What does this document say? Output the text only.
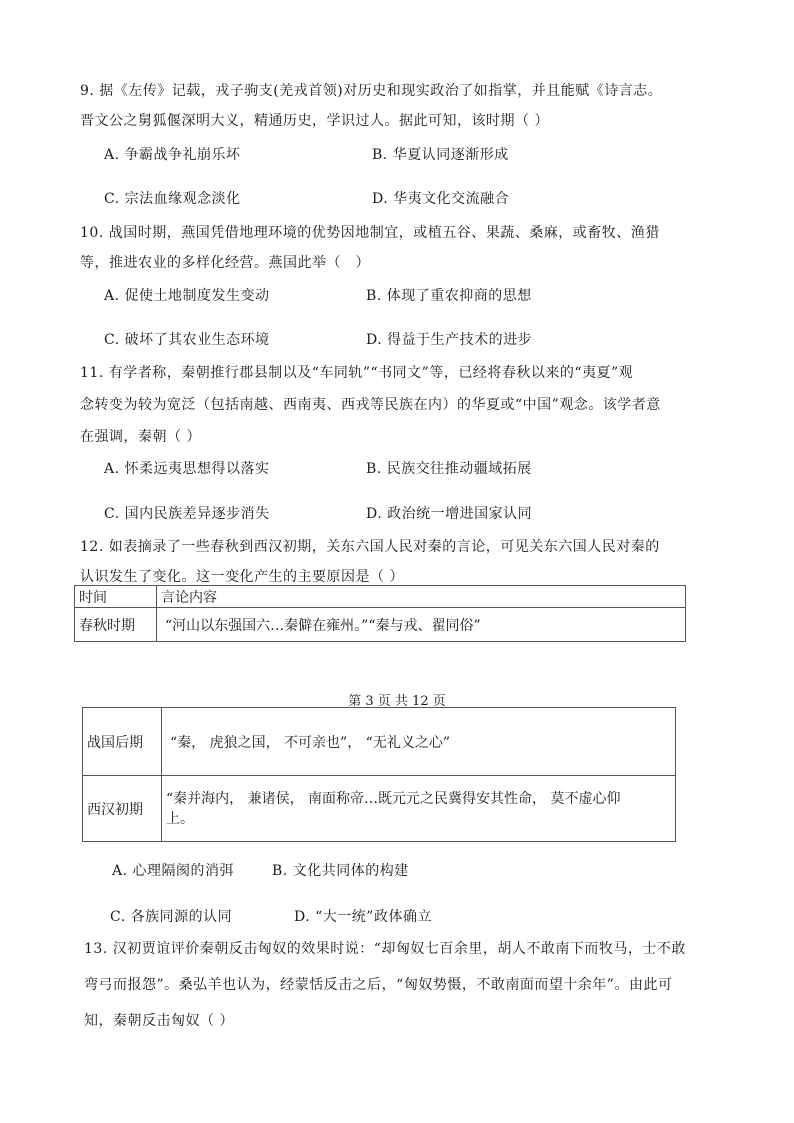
9. 据《左传》记载，戎子驹支(羌戎首领)对历史和现实政治了如指掌，并且能赋《诗言志。
晋文公之舅狐偃深明大义，精通历史，学识过人。据此可知，该时期（ ）
A. 争霸战争礼崩乐坏	B. 华夏认同逐渐形成
C. 宗法血缘观念淡化	D. 华夷文化交流融合
10. 战国时期，燕国凭借地理环境的优势因地制宜，或植五谷、果蔬、桑麻，或畜牧、渔猎
等，推进农业的多样化经营。燕国此举（　）
A. 促使土地制度发生变动	B. 体现了重农抑商的思想
C. 破坏了其农业生态环境	D. 得益于生产技术的进步
11. 有学者称，秦朝推行郡县制以及“车同轨”“书同文”等，已经将春秋以来的“夷夏”观
念转变为较为宽泛（包括南越、西南夷、西戎等民族在内）的华夏或“中国”观念。该学者意
在强调，秦朝（ ）
A. 怀柔远夷思想得以落实	B. 民族交往推动疆域拓展
C. 国内民族差异逐步消失	D. 政治统一增进国家认同
12. 如表摘录了一些春秋到西汉初期，关东六国人民对秦的言论，可见关东六国人民对秦的
认识发生了变化。这一变化产生的主要原因是（ ）
时间	言论内容
春秋时期	“河山以东强国六…秦僻在雍州。”“秦与戎、翟同俗”
第 3 页 共 12 页
战国后期	“秦， 虎狼之国， 不可亲也”， “无礼义之心”
西汉初期	“秦并海内， 兼诸侯， 南面称帝…既元元之民冀得安其性命， 莫不虚心仰
上。
A. 心理隔阂的消弭	B. 文化共同体的构建
C. 各族同源的认同	D. “大一统”政体确立
13. 汉初贾谊评价秦朝反击匈奴的效果时说：“却匈奴七百余里，胡人不敢南下而牧马，士不敢
弯弓而报怨”。桑弘羊也认为，经蒙恬反击之后，“匈奴势慑，不敢南面而望十余年”。由此可
知，秦朝反击匈奴（ ）
